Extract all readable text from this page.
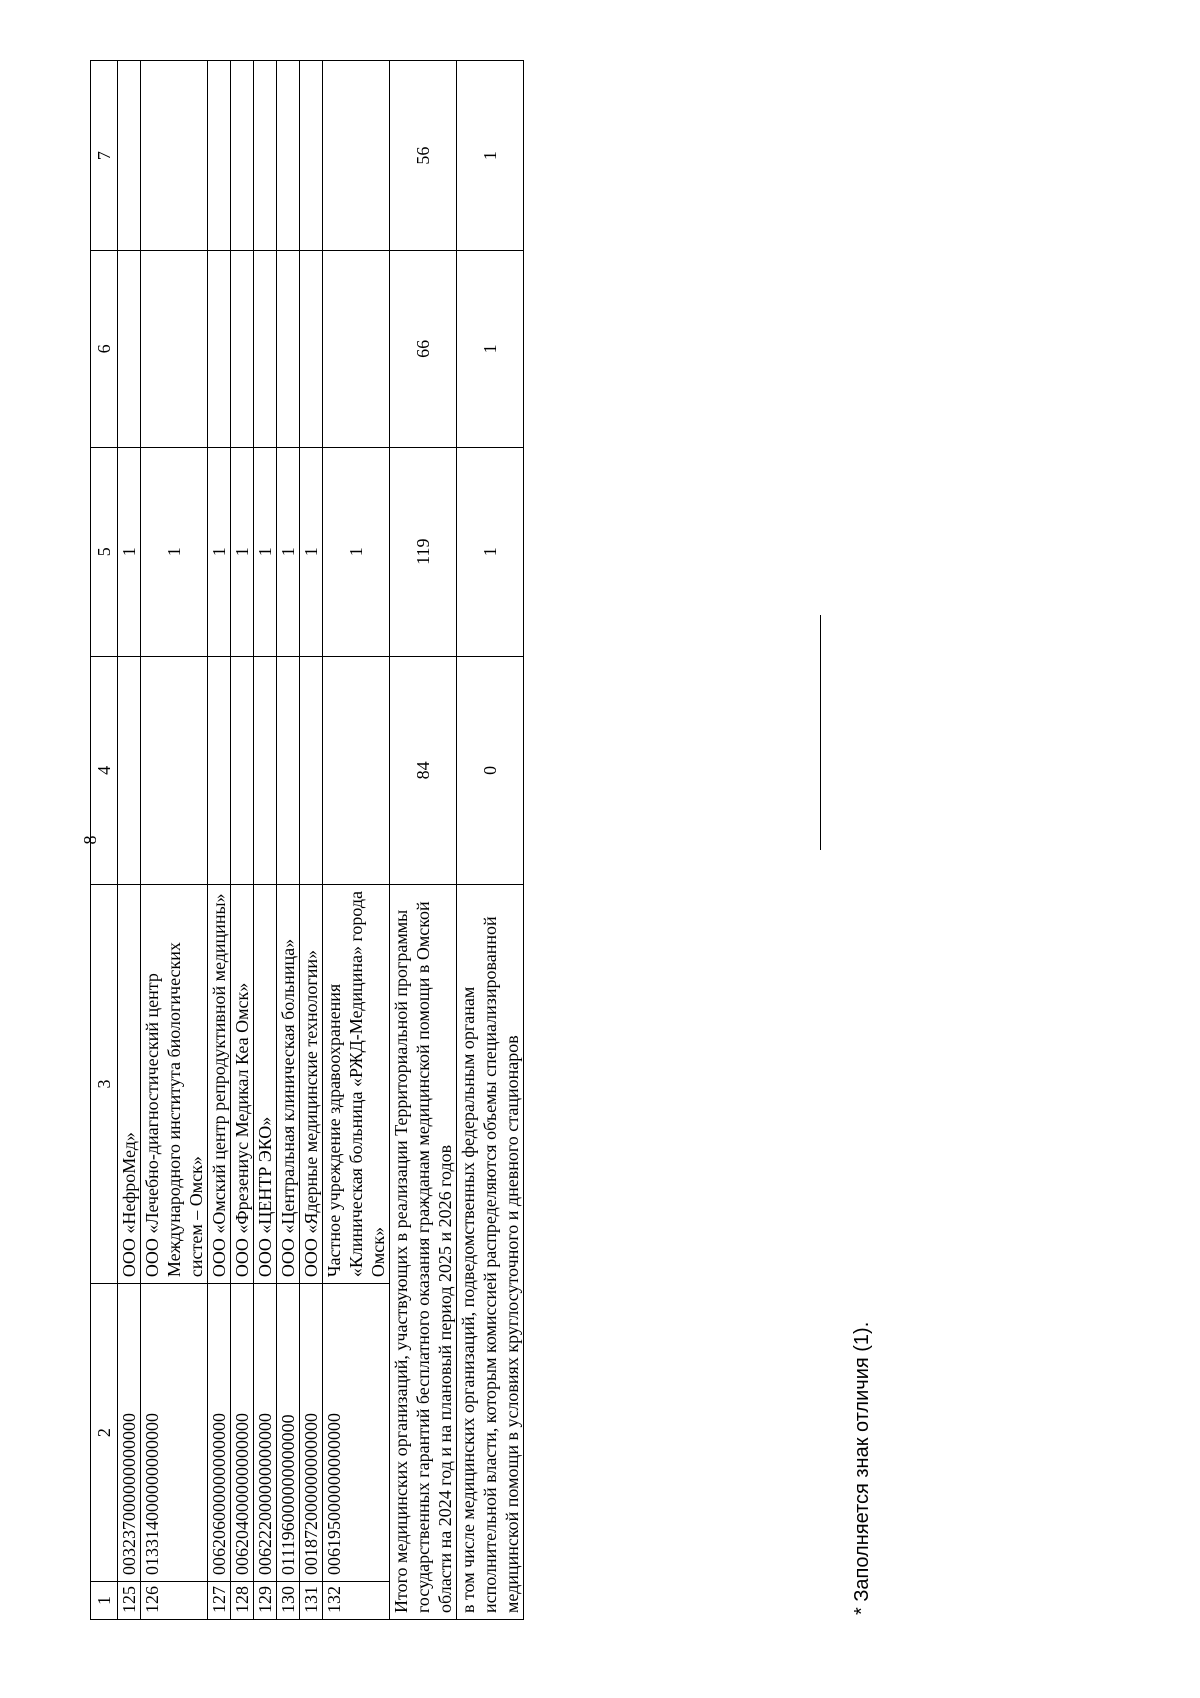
8
1	2	3	4	5	6	7
125	003237000000000000	ООО «НефроМед»		1		
126	013314000000000000	ООО «Лечебно-диагностический центр Международного института биологических систем – Омск»		1		
127	006206000000000000	ООО «Омский центр репродуктивной медицины»		1		
128	006204000000000000	ООО «Фрезениус Медикал Кеа Омск»		1		
129	006222000000000000	ООО «ЦЕНТР ЭКО»		1		
130	011196000000000000	ООО «Центральная клиническая больница»		1		
131	001872000000000000	ООО «Ядерные медицинские технологии»		1		
132	006195000000000000	Частное учреждение здравоохранения «Клиническая больница «РЖД-Медицина» города Омск»		1		
Итого медицинских организаций, участвующих в реализации Территориальной программы государственных гарантий бесплатного оказания гражданам медицинской помощи в Омской области на 2024 год и на плановый период 2025 и 2026 годов			84	119	66	56
в том числе медицинских организаций, подведомственных федеральным органам исполнительной власти, которым комиссией распределяются объемы специализированной медицинской помощи в условиях круглосуточного и дневного стационаров			0	1	1	1
* Заполняется знак отличия (1).
